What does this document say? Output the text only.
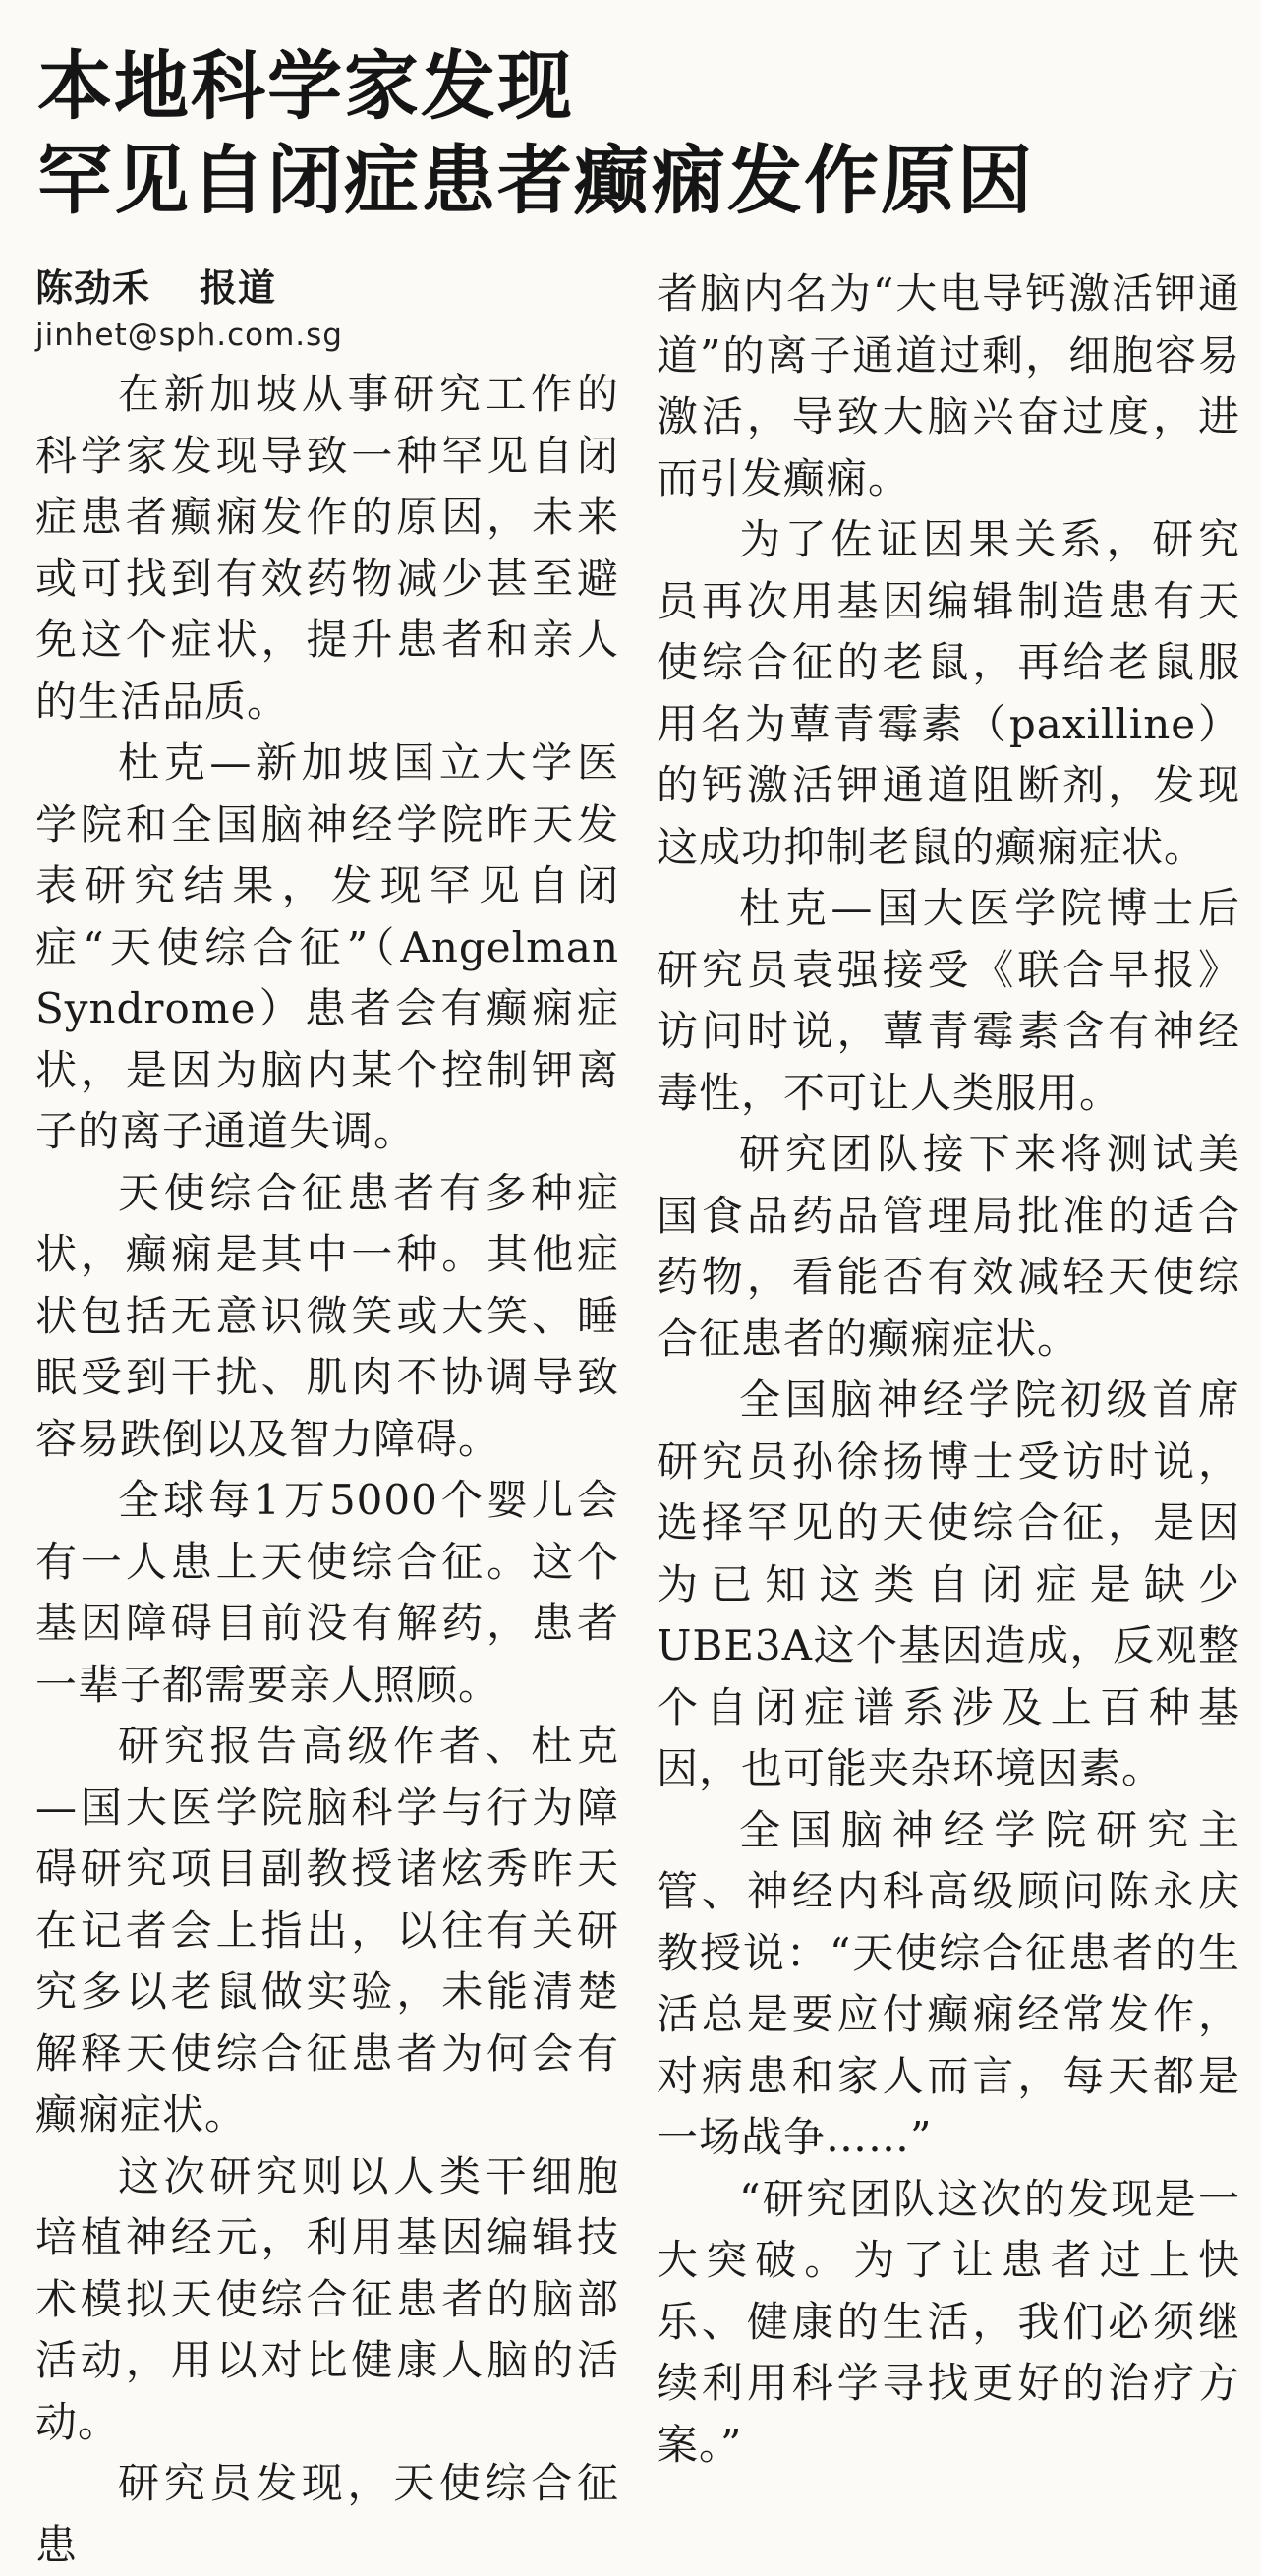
本地科学家发现
罕见自闭症患者癫痫发作原因
陈劲禾 报道
jinhet@sph.com.sg

在新加坡从事研究工作的科学家发现导致一种罕见自闭症患者癫痫发作的原因，未来或可找到有效药物减少甚至避免这个症状，提升患者和亲人的生活品质。

杜克—新加坡国立大学医学院和全国脑神经学院昨天发表研究结果，发现罕见自闭症“天使综合征”（Angelman Syndrome）患者会有癫痫症状，是因为脑内某个控制钾离子的离子通道失调。

天使综合征患者有多种症状，癫痫是其中一种。其他症状包括无意识微笑或大笑、睡眠受到干扰、肌肉不协调导致容易跌倒以及智力障碍。

全球每1万5000个婴儿会有一人患上天使综合征。这个基因障碍目前没有解药，患者一辈子都需要亲人照顾。

研究报告高级作者、杜克—国大医学院脑科学与行为障碍研究项目副教授诸炫秀昨天在记者会上指出，以往有关研究多以老鼠做实验，未能清楚解释天使综合征患者为何会有癫痫症状。

这次研究则以人类干细胞培植神经元，利用基因编辑技术模拟天使综合征患者的脑部活动，用以对比健康人脑的活动。

研究员发现，天使综合征患

者脑内名为“大电导钙激活钾通道”的离子通道过剩，细胞容易激活，导致大脑兴奋过度，进而引发癫痫。

为了佐证因果关系，研究员再次用基因编辑制造患有天使综合征的老鼠，再给老鼠服用名为蕈青霉素（paxilline）的钙激活钾通道阻断剂，发现这成功抑制老鼠的癫痫症状。

杜克—国大医学院博士后研究员袁强接受《联合早报》访问时说，蕈青霉素含有神经毒性，不可让人类服用。

研究团队接下来将测试美国食品药品管理局批准的适合药物，看能否有效减轻天使综合征患者的癫痫症状。

全国脑神经学院初级首席研究员孙徐扬博士受访时说，选择罕见的天使综合征，是因为已知这类自闭症是缺少UBE3A这个基因造成，反观整个自闭症谱系涉及上百种基因，也可能夹杂环境因素。

全国脑神经学院研究主管、神经内科高级顾问陈永庆教授说：“天使综合征患者的生活总是要应付癫痫经常发作，对病患和家人而言，每天都是一场战争……”

“研究团队这次的发现是一大突破。为了让患者过上快乐、健康的生活，我们必须继续利用科学寻找更好的治疗方案。”
